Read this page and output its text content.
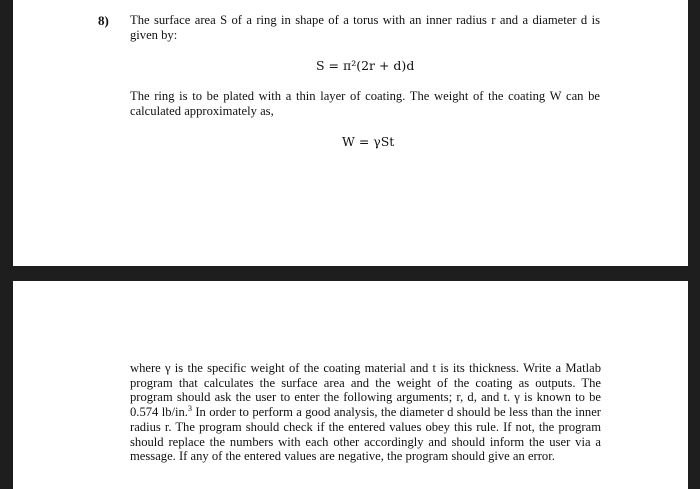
8) The surface area S of a ring in shape of a torus with an inner radius r and a diameter d is given by:

S = π²(2r + d)d

The ring is to be plated with a thin layer of coating. The weight of the coating W can be calculated approximately as,

W = γSt

where γ is the specific weight of the coating material and t is its thickness. Write a Matlab program that calculates the surface area and the weight of the coating as outputs. The program should ask the user to enter the following arguments; r, d, and t. γ is known to be 0.574 lb/in.$^3$ In order to perform a good analysis, the diameter d should be less than the inner radius r. The program should check if the entered values obey this rule. If not, the program should replace the numbers with each other accordingly and should inform the user via a message. If any of the entered values are negative, the program should give an error.
